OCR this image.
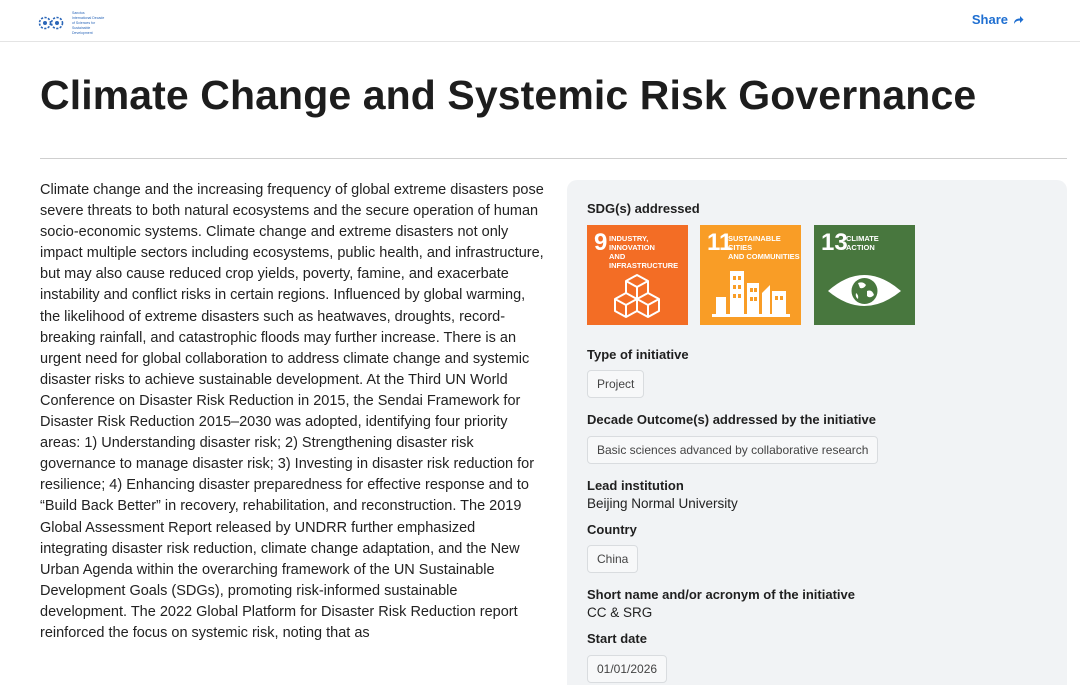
Sanctus
International Decade
of Sciences for
Sustainable
Development
Share
Climate Change and Systemic Risk Governance

Climate change and the increasing frequency of global extreme disasters pose severe threats to both natural ecosystems and the secure operation of human socio-economic systems. Climate change and extreme disasters not only impact multiple sectors including ecosystems, public health, and infrastructure, but may also cause reduced crop yields, poverty, famine, and exacerbate instability and conflict risks in certain regions. Influenced by global warming, the likelihood of extreme disasters such as heatwaves, droughts, record-breaking rainfall, and catastrophic floods may further increase. There is an urgent need for global collaboration to address climate change and systemic disaster risks to achieve sustainable development. At the Third UN World Conference on Disaster Risk Reduction in 2015, the Sendai Framework for Disaster Risk Reduction 2015–2030 was adopted, identifying four priority areas: 1) Understanding disaster risk; 2) Strengthening disaster risk governance to manage disaster risk; 3) Investing in disaster risk reduction for resilience; 4) Enhancing disaster preparedness for effective response and to “Build Back Better” in recovery, rehabilitation, and reconstruction. The 2019 Global Assessment Report released by UNDRR further emphasized integrating disaster risk reduction, climate change adaptation, and the New Urban Agenda within the overarching framework of the UN Sustainable Development Goals (SDGs), promoting risk-informed sustainable development. The 2022 Global Platform for Disaster Risk Reduction report reinforced the focus on systemic risk, noting that as

SDG(s) addressed
9 INDUSTRY, INNOVATION
AND INFRASTRUCTURE
11
SUSTAINABLE CITIES
AND COMMUNITIES
13
CLIMATE
ACTION
Type of initiative
Project
Decade Outcome(s) addressed by the initiative
Basic sciences advanced by collaborative research
Lead institution
Beijing Normal University
Country
China
Short name and/or acronym of the initiative
CC & SRG
Start date
01/01/2026
